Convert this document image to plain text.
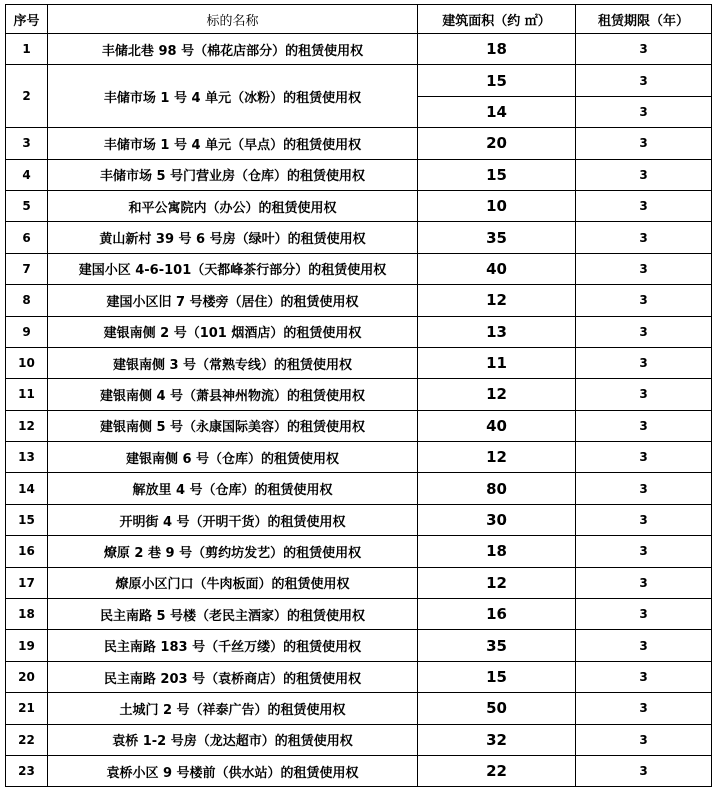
序号	标的名称	建筑面积（约 ㎡）	租赁期限（年）
1	丰储北巷 98 号（棉花店部分）的租赁使用权	18	3
2	丰储市场 1 号 4 单元（冰粉）的租赁使用权	15	3
		14	3
3	丰储市场 1 号 4 单元（早点）的租赁使用权	20	3
4	丰储市场 5 号门营业房（仓库）的租赁使用权	15	3
5	和平公寓院内（办公）的租赁使用权	10	3
6	黄山新村 39 号 6 号房（绿叶）的租赁使用权	35	3
7	建国小区 4-6-101（天都峰茶行部分）的租赁使用权	40	3
8	建国小区旧 7 号楼旁（居住）的租赁使用权	12	3
9	建银南侧 2 号（101 烟酒店）的租赁使用权	13	3
10	建银南侧 3 号（常熟专线）的租赁使用权	11	3
11	建银南侧 4 号（萧县神州物流）的租赁使用权	12	3
12	建银南侧 5 号（永康国际美容）的租赁使用权	40	3
13	建银南侧 6 号（仓库）的租赁使用权	12	3
14	解放里 4 号（仓库）的租赁使用权	80	3
15	开明街 4 号（开明干货）的租赁使用权	30	3
16	燎原 2 巷 9 号（剪约坊发艺）的租赁使用权	18	3
17	燎原小区门口（牛肉板面）的租赁使用权	12	3
18	民主南路 5 号楼（老民主酒家）的租赁使用权	16	3
19	民主南路 183 号（千丝万缕）的租赁使用权	35	3
20	民主南路 203 号（袁桥商店）的租赁使用权	15	3
21	土城门 2 号（祥泰广告）的租赁使用权	50	3
22	袁桥 1-2 号房（龙达超市）的租赁使用权	32	3
23	袁桥小区 9 号楼前（供水站）的租赁使用权	22	3
